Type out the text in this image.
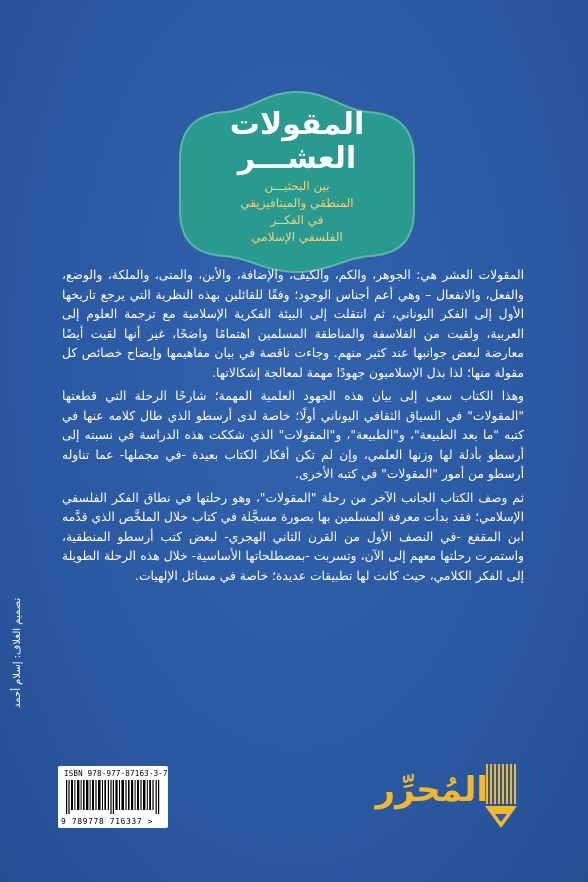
المقولات
العشـــر
بين البحثيـــن
المنطقي والميتافيزيقي
في الفكــر
الفلسفي الإسلامي

المقولات العشر هي: الجوهر، والكم، والكيف، والإضافة، والأين، والمتى، والملكة، والوضع، والفعل، والانفعال – وهي أعم أجناس الوجود؛ وفقًا للقائلين بهذه النظرية التي يرجع تاريخها الأول إلى الفكر اليوناني، ثم انتقلت إلى البيئة الفكرية الإسلامية مع ترجمة العلوم إلى العربية، ولقيت من الفلاسفة والمناطقة المسلمين اهتمامًا واضحًا، غير أنها لقيت أيضًا معارضة لبعض جوانبها عند كثير منهم. وجاءت ناقصة في بيان مفاهيمها وإيضاح خصائص كل مقولة منها؛ لذا بذل الإسلاميون جهودًا مهمة لمعالجة إشكالاتها.

وهذا الكتاب سعى إلى بيان هذه الجهود العلمية المهمة؛ شارحًا الرحلة التي قطعتها "المقولات" في السياق الثقافي اليوناني أولًا؛ خاصة لدى أرسطو الذي طال كلامه عنها في كتبه "ما بعد الطبيعة"، و"الطبيعة"، و"المقولات" الذي شككت هذه الدراسة في نسبته إلى أرسطو بأدلة لها وزنها العلمي، وإن لم تكن أفكار الكتاب بعيدة -في مجملها- عما تناوله أرسطو من أمور "المقولات" في كتبه الأخرى.

ثم وصف الكتاب الجانب الآخر من رحلة "المقولات"، وهو رحلتها في نطاق الفكر الفلسفي الإسلامي؛ فقد بدأت معرفة المسلمين بها بصورة مسجَّلة في كتاب خلال الملخَّص الذي قدَّمه ابن المقفع -في النصف الأول من القرن الثاني الهجري- لبعض كتب أرسطو المنطقية، واستمرت رحلتها معهم إلى الآن، وتسربت -بمصطلحاتها الأساسية- خلال هذه الرحلة الطويلة إلى الفكر الكلامي، حيث كانت لها تطبيقات عديدة؛ خاصة في مسائل الإلهيات.

تصميم الغلاف: إسلام أحمد
ISBN 978-977-87163-3-7
9 789778 716337 >
المُحرِّر
